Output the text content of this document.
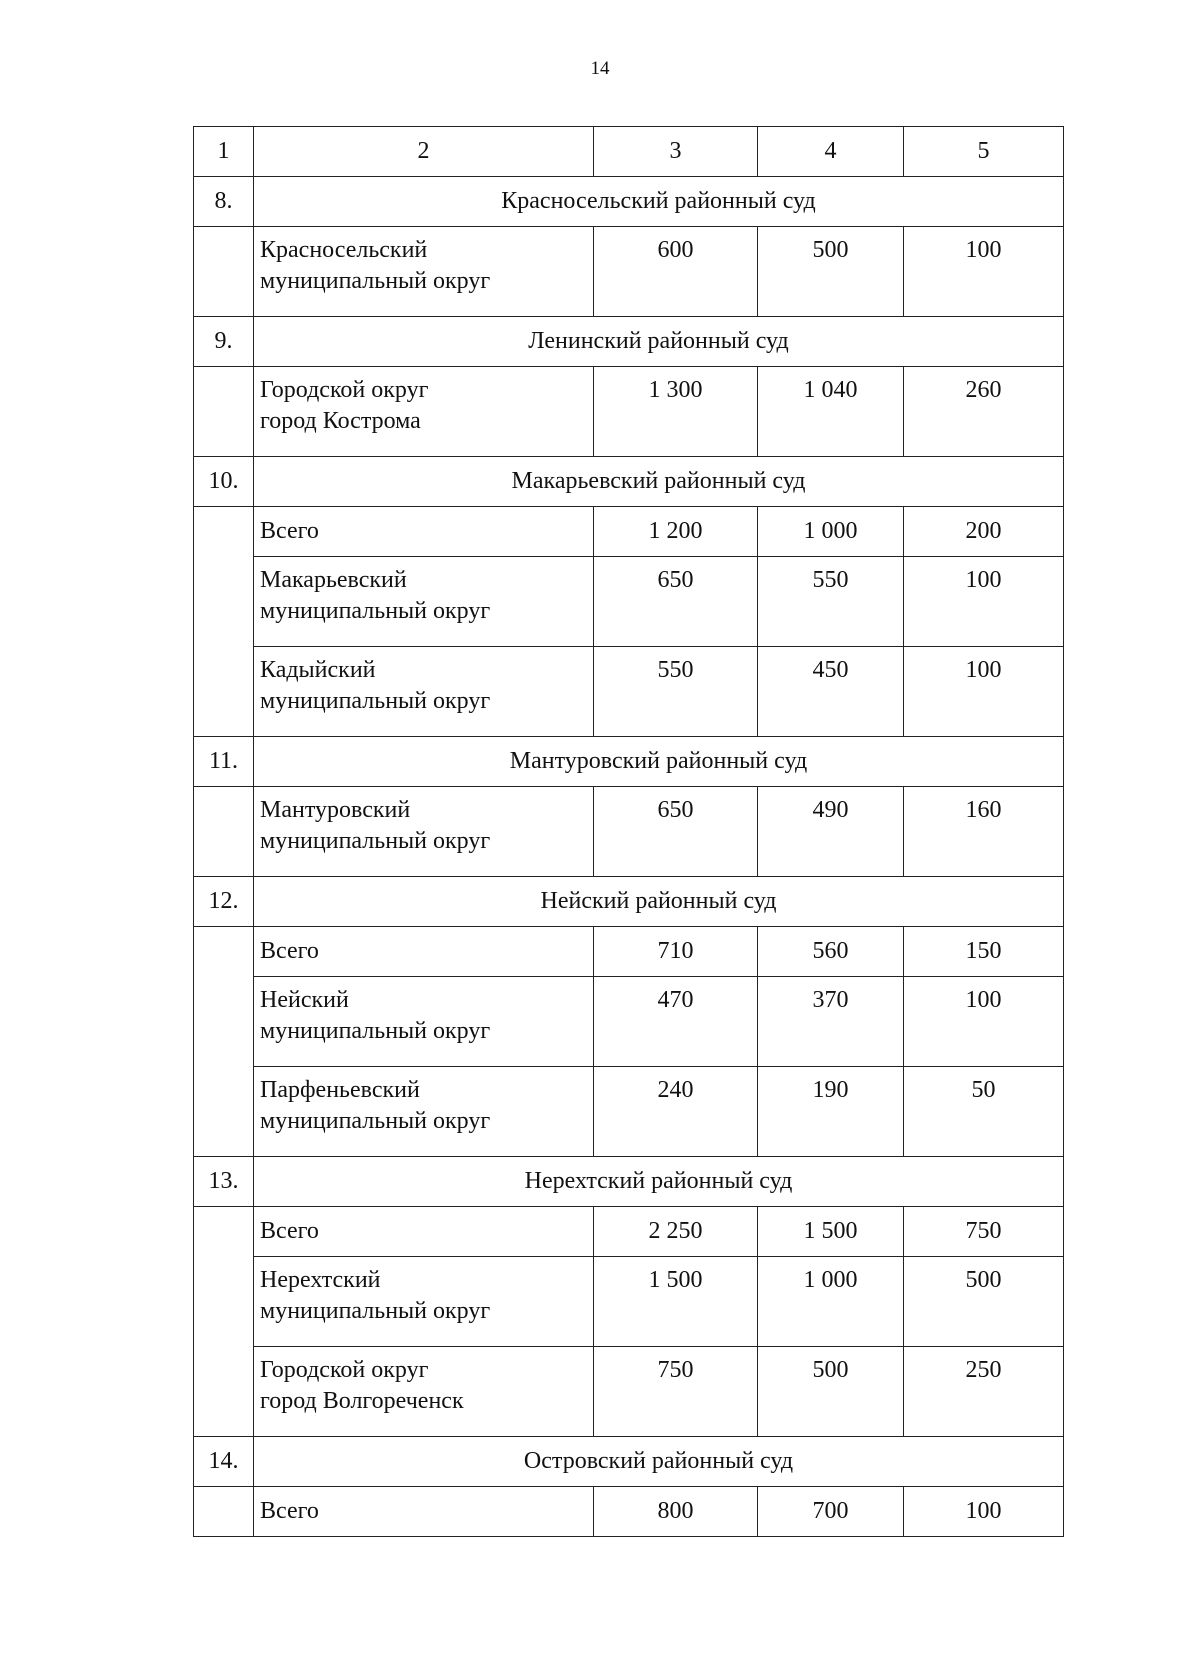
14
1	2	3	4	5
8.	Красносельский районный суд			

	Красносельский
муниципальный округ	600	500	100
9.	Ленинский районный суд			

	Городской округ
город Кострома	1 300	1 040	260
10.	Макарьевский районный суд			

	Всего	1 200	1 000	200

	Макарьевский
муниципальный округ	650	550	100

	Кадыйский
муниципальный округ	550	450	100
11.	Мантуровский районный суд			

	Мантуровский
муниципальный округ	650	490	160
12.	Нейский районный суд			

	Всего	710	560	150

	Нейский
муниципальный округ	470	370	100

	Парфеньевский
муниципальный округ	240	190	50
13.	Нерехтский районный суд			

	Всего	2 250	1 500	750

	Нерехтский
муниципальный округ	1 500	1 000	500

	Городской округ
город Волгореченск	750	500	250
14.	Островский районный суд			

	Всего	800	700	100
